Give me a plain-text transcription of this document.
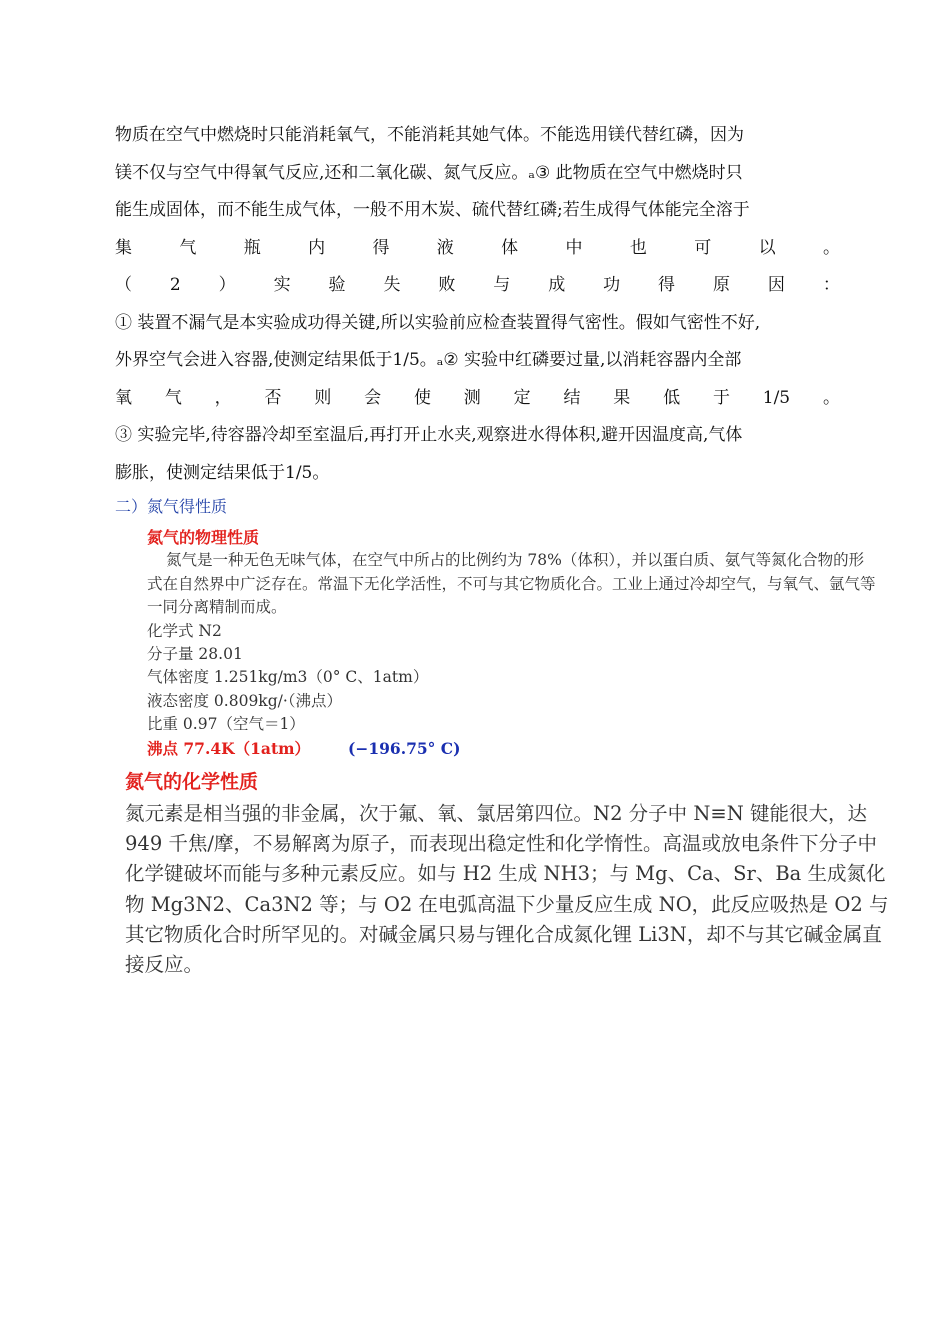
物质在空气中燃烧时只能消耗氧气，不能消耗其她气体。不能选用镁代替红磷，因为
镁不仅与空气中得氧气反应,还和二氧化碳、氮气反应。ₐ③ 此物质在空气中燃烧时只
能生成固体，而不能生成气体，一般不用木炭、硫代替红磷;若生成得气体能完全溶于
集	气	瓶	内	得	液	体	中	也	可	以	。
（ 2 ） 实 验 失 败 与 成 功 得 原 因 ：
① 装置不漏气是本实验成功得关键,所以实验前应检查装置得气密性。假如气密性不好,
外界空气会进入容器,使测定结果低于1/5。ₐ② 实验中红磷要过量,以消耗容器内全部
氧 气 ， 否 则 会 使 测 定 结 果 低 于 1/5 。
③ 实验完毕,待容器冷却至室温后,再打开止水夹,观察进水得体积,避开因温度高,气体
膨胀，使测定结果低于1/5。
二）氮气得性质
氮气的物理性质

氮气是一种无色无味气体，在空气中所占的比例约为 78%（体积），并以蛋白质、氨气等氮化合物的形式在自然界中广泛存在。常温下无化学活性，不可与其它物质化合。工业上通过冷却空气，与氧气、氩气等一同分离精制而成。

化学式 N2
分子量 28.01
气体密度 1.251kg/m3（0° C、1atm）
液态密度 0.809kg/·（沸点）
比重 0.97（空气＝1）
沸点 77.4K（1atm） (−196.75° C)
氮气的化学性质

氮元素是相当强的非金属，次于氟、氧、氯居第四位。N2 分子中 N≡N 键能很大，达 949 千焦/摩，不易解离为原子，而表现出稳定性和化学惰性。高温或放电条件下分子中化学键破坏而能与多种元素反应。如与 H2 生成 NH3；与 Mg、Ca、Sr、Ba 生成氮化物 Mg3N2、Ca3N2 等；与 O2 在电弧高温下少量反应生成 NO，此反应吸热是 O2 与其它物质化合时所罕见的。对碱金属只易与锂化合成氮化锂 Li3N，却不与其它碱金属直接反应。
